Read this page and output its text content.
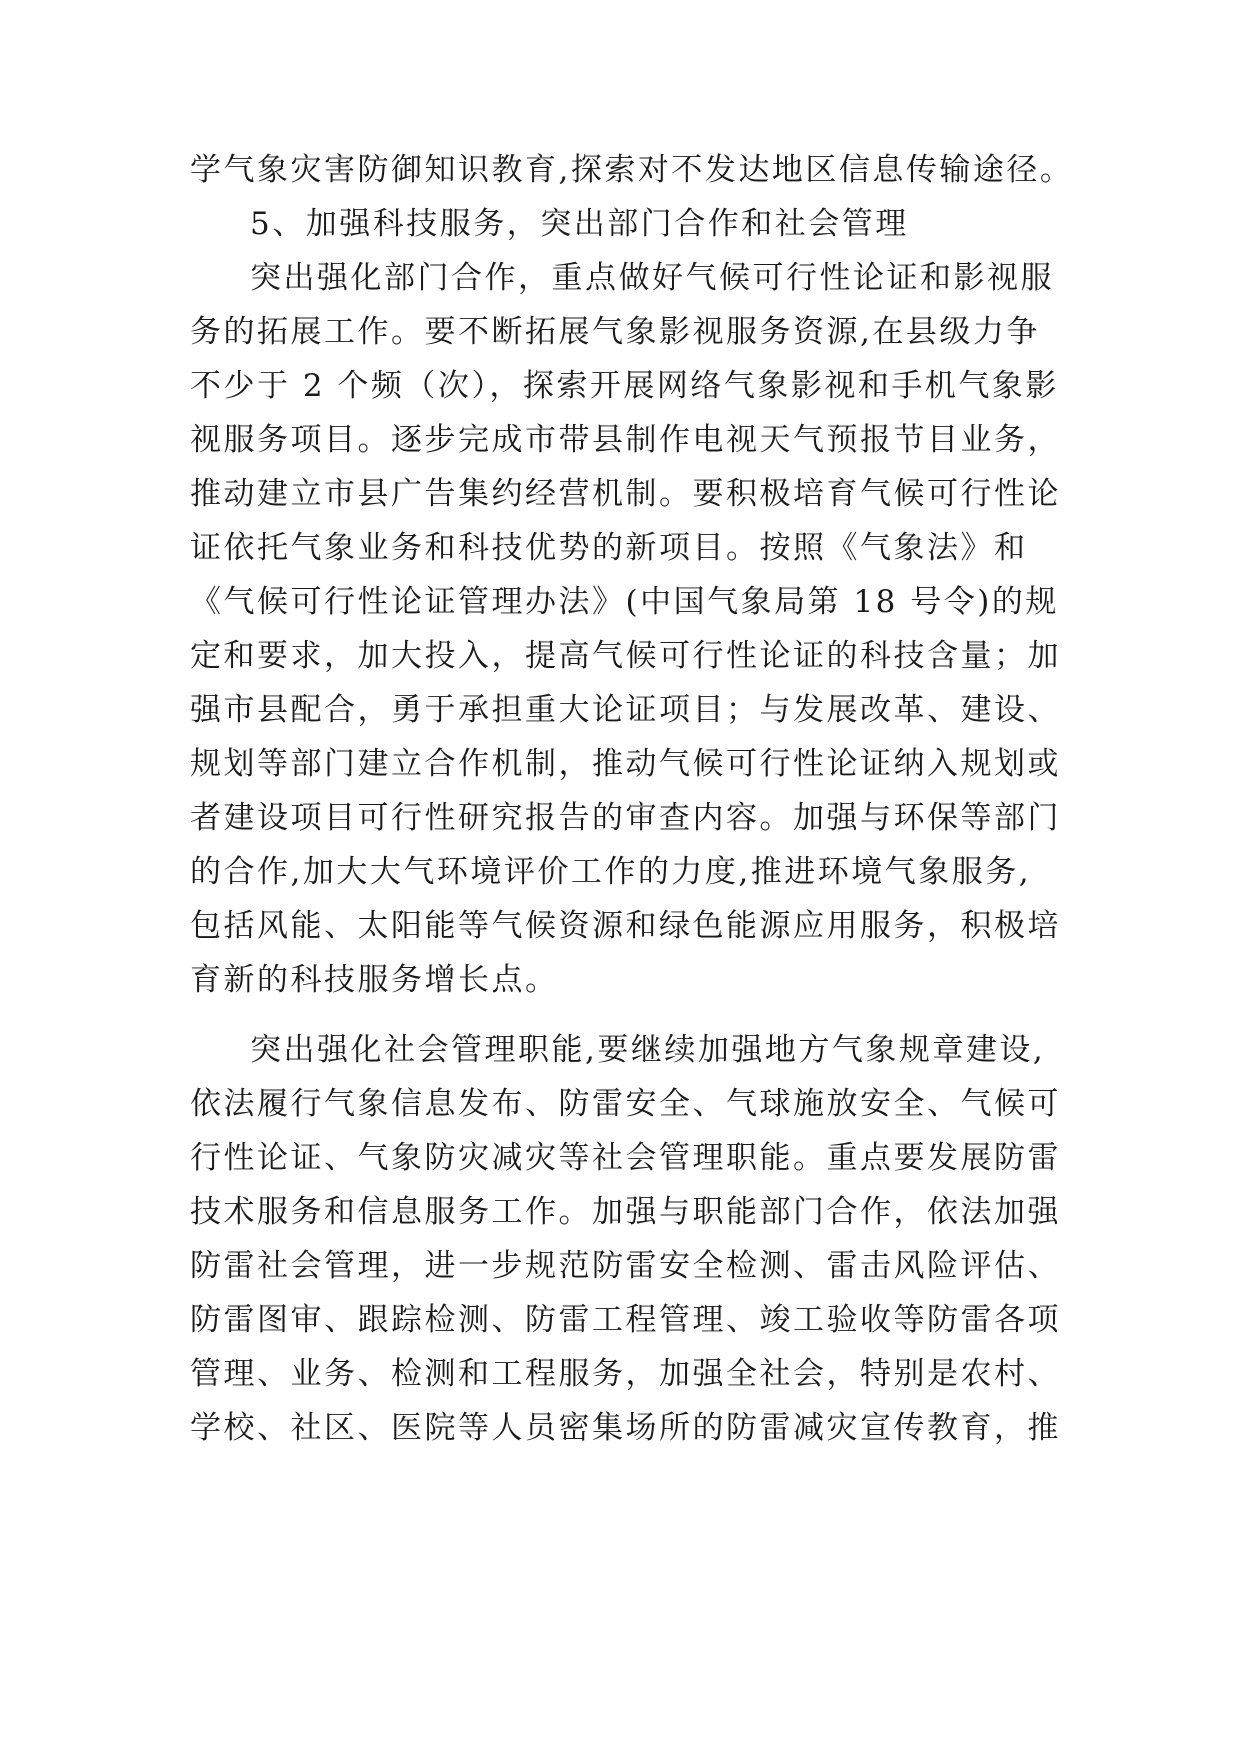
学气象灾害防御知识教育,探索对不发达地区信息传输途径。
5、加强科技服务，突出部门合作和社会管理
突出强化部门合作，重点做好气候可行性论证和影视服
务的拓展工作。要不断拓展气象影视服务资源,在县级力争
不少于 2 个频（次），探索开展网络气象影视和手机气象影
视服务项目。逐步完成市带县制作电视天气预报节目业务，
推动建立市县广告集约经营机制。要积极培育气候可行性论
证依托气象业务和科技优势的新项目。按照《气象法》和
《气候可行性论证管理办法》(中国气象局第 18 号令)的规
定和要求，加大投入，提高气候可行性论证的科技含量；加
强市县配合，勇于承担重大论证项目；与发展改革、建设、
规划等部门建立合作机制，推动气候可行性论证纳入规划或
者建设项目可行性研究报告的审查内容。加强与环保等部门
的合作,加大大气环境评价工作的力度,推进环境气象服务,
包括风能、太阳能等气候资源和绿色能源应用服务，积极培
育新的科技服务增长点。
突出强化社会管理职能,要继续加强地方气象规章建设,
依法履行气象信息发布、防雷安全、气球施放安全、气候可
行性论证、气象防灾减灾等社会管理职能。重点要发展防雷
技术服务和信息服务工作。加强与职能部门合作，依法加强
防雷社会管理，进一步规范防雷安全检测、雷击风险评估、
防雷图审、跟踪检测、防雷工程管理、竣工验收等防雷各项
管理、业务、检测和工程服务，加强全社会，特别是农村、
学校、社区、医院等人员密集场所的防雷减灾宣传教育，推
